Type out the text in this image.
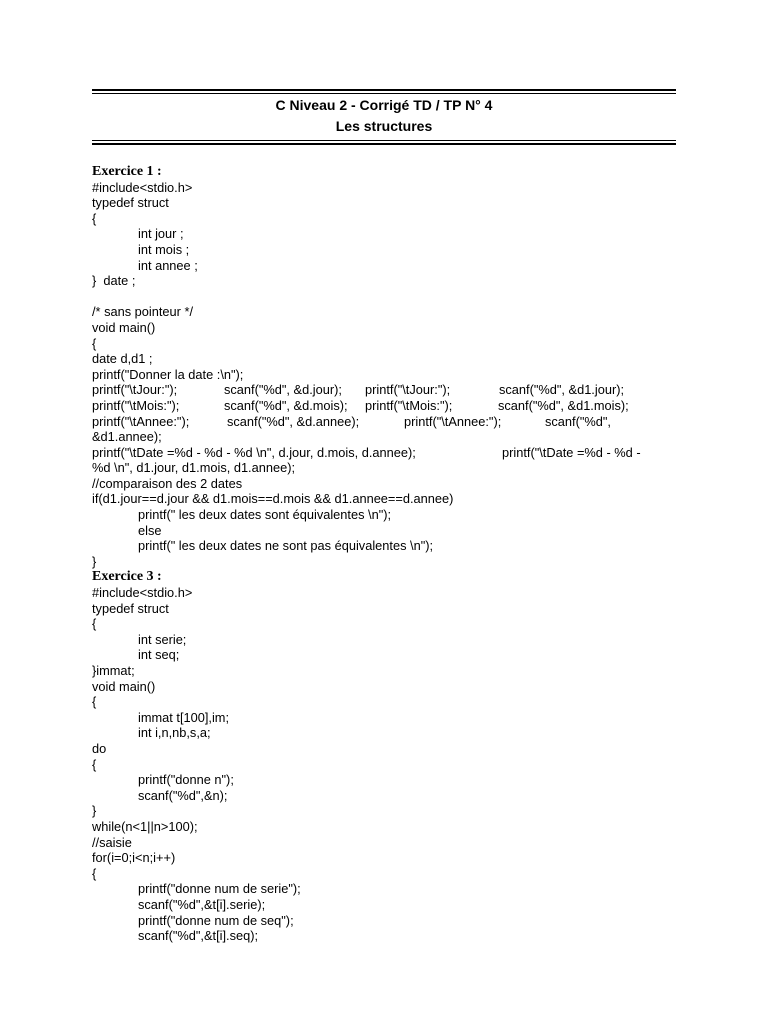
C Niveau 2 - Corrigé TD / TP N° 4
Les structures
Exercice 1 :
#include<stdio.h>
typedef struct
{
int jour ;
int mois ;
int annee ;
}  date ;
/* sans pointeur */
void main()
{
date d,d1 ;
printf("Donner la date :\n");

printf("\tJour:");

	scanf("%d", &d.jour);

printf("\tJour:");

	scanf("%d", &d1.jour);

printf("\tMois:");

	scanf("%d", &d.mois);

printf("\tMois:");

	scanf("%d", &d1.mois);

printf("\tAnnee:");

	scanf("%d", &d.annee);

	printf("\tAnnee:");

	scanf("%d",

&d1.annee);

printf("\tDate =%d - %d - %d \n", d.jour, d.mois, d.annee);

	printf("\tDate =%d - %d -

%d \n", d1.jour, d1.mois, d1.annee);
//comparaison des 2 dates
if(d1.jour==d.jour && d1.mois==d.mois && d1.annee==d.annee)
printf(" les deux dates sont équivalentes \n");
else
printf(" les deux dates ne sont pas équivalentes \n");
}
Exercice 3 :
#include<stdio.h>
typedef struct
{
int serie;
int seq;
}immat;
void main()
{
immat t[100],im;
int i,n,nb,s,a;
do
{
printf("donne n");
scanf("%d",&n);
}
while(n<1||n>100);
//saisie
for(i=0;i<n;i++)
{
printf("donne num de serie");
scanf("%d",&t[i].serie);
printf("donne num de seq");
scanf("%d",&t[i].seq);
